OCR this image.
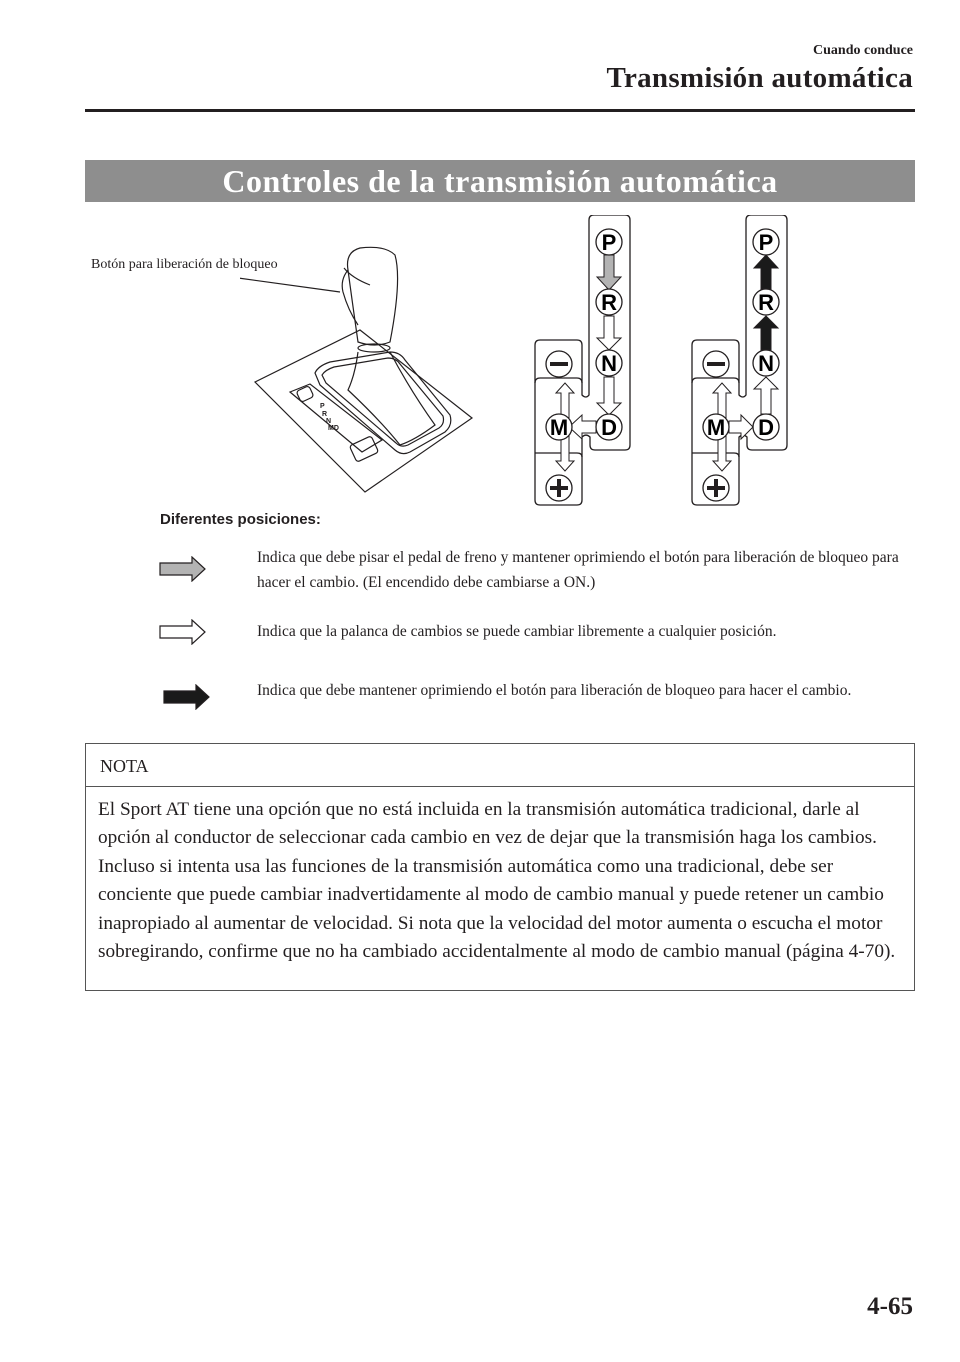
Cuando conduce
Transmisión automática
Controles de la transmisión automática
Botón para liberación de bloqueo
P
R
N
MD
P
R
N
D
M
P
R
N
D
M
Diferentes posiciones:
Indica que debe pisar el pedal de freno y mantener oprimiendo el botón para liberación de bloqueo para hacer el cambio. (El encendido debe cambiarse a ON.)
Indica que la palanca de cambios se puede cambiar libremente a cualquier posición.
Indica que debe mantener oprimiendo el botón para liberación de bloqueo para hacer el cambio.
NOTA
El Sport AT tiene una opción que no está incluida en la transmisión automática tradicional, darle al opción al conductor de seleccionar cada cambio en vez de dejar que la transmisión haga los cambios. Incluso si intenta usa las funciones de la transmisión automática como una tradicional, debe ser conciente que puede cambiar inadvertidamente al modo de cambio manual y puede retener un cambio inapropiado al aumentar de velocidad. Si nota que la velocidad del motor aumenta o escucha el motor sobregirando, confirme que no ha cambiado accidentalmente al modo de cambio manual (página 4-70).
4-65
